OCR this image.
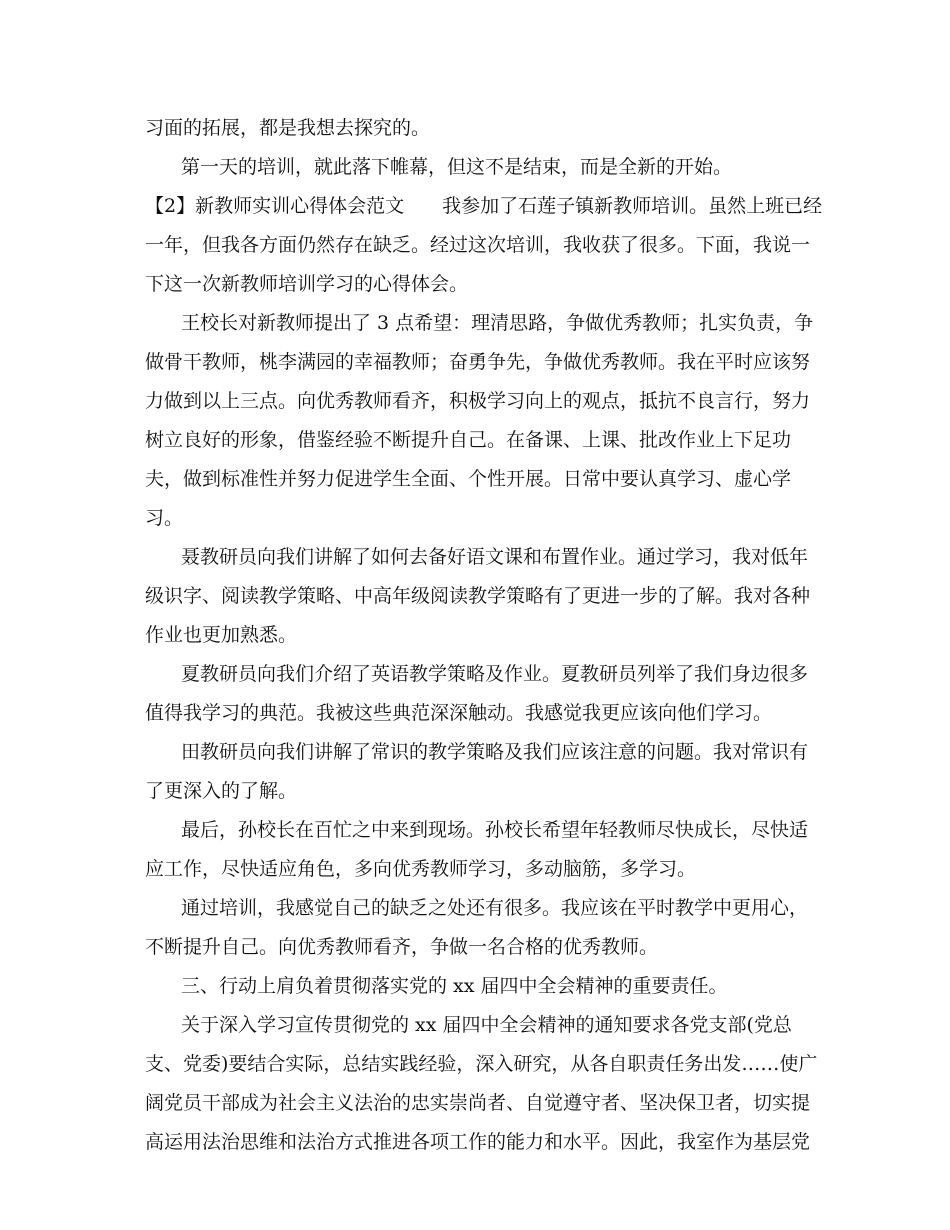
习面的拓展，都是我想去探究的。
第一天的培训，就此落下帷幕，但这不是结束，而是全新的开始。
【2】新教师实训心得体会范文　　我参加了石莲子镇新教师培训。虽然上班已经
一年，但我各方面仍然存在缺乏。经过这次培训，我收获了很多。下面，我说一
下这一次新教师培训学习的心得体会。
王校长对新教师提出了 3 点希望：理清思路，争做优秀教师；扎实负责，争
做骨干教师，桃李满园的幸福教师；奋勇争先，争做优秀教师。我在平时应该努
力做到以上三点。向优秀教师看齐，积极学习向上的观点，抵抗不良言行，努力
树立良好的形象，借鉴经验不断提升自己。在备课、上课、批改作业上下足功
夫，做到标准性并努力促进学生全面、个性开展。日常中要认真学习、虚心学
习。
聂教研员向我们讲解了如何去备好语文课和布置作业。通过学习，我对低年
级识字、阅读教学策略、中高年级阅读教学策略有了更进一步的了解。我对各种
作业也更加熟悉。
夏教研员向我们介绍了英语教学策略及作业。夏教研员列举了我们身边很多
值得我学习的典范。我被这些典范深深触动。我感觉我更应该向他们学习。
田教研员向我们讲解了常识的教学策略及我们应该注意的问题。我对常识有
了更深入的了解。
最后，孙校长在百忙之中来到现场。孙校长希望年轻教师尽快成长，尽快适
应工作，尽快适应角色，多向优秀教师学习，多动脑筋，多学习。
通过培训，我感觉自己的缺乏之处还有很多。我应该在平时教学中更用心，
不断提升自己。向优秀教师看齐，争做一名合格的优秀教师。
三、行动上肩负着贯彻落实党的 xx 届四中全会精神的重要责任。
关于深入学习宣传贯彻党的 xx 届四中全会精神的通知要求各党支部(党总
支、党委)要结合实际，总结实践经验，深入研究，从各自职责任务出发……使广
阔党员干部成为社会主义法治的忠实崇尚者、自觉遵守者、坚决保卫者，切实提
高运用法治思维和法治方式推进各项工作的能力和水平。因此，我室作为基层党
